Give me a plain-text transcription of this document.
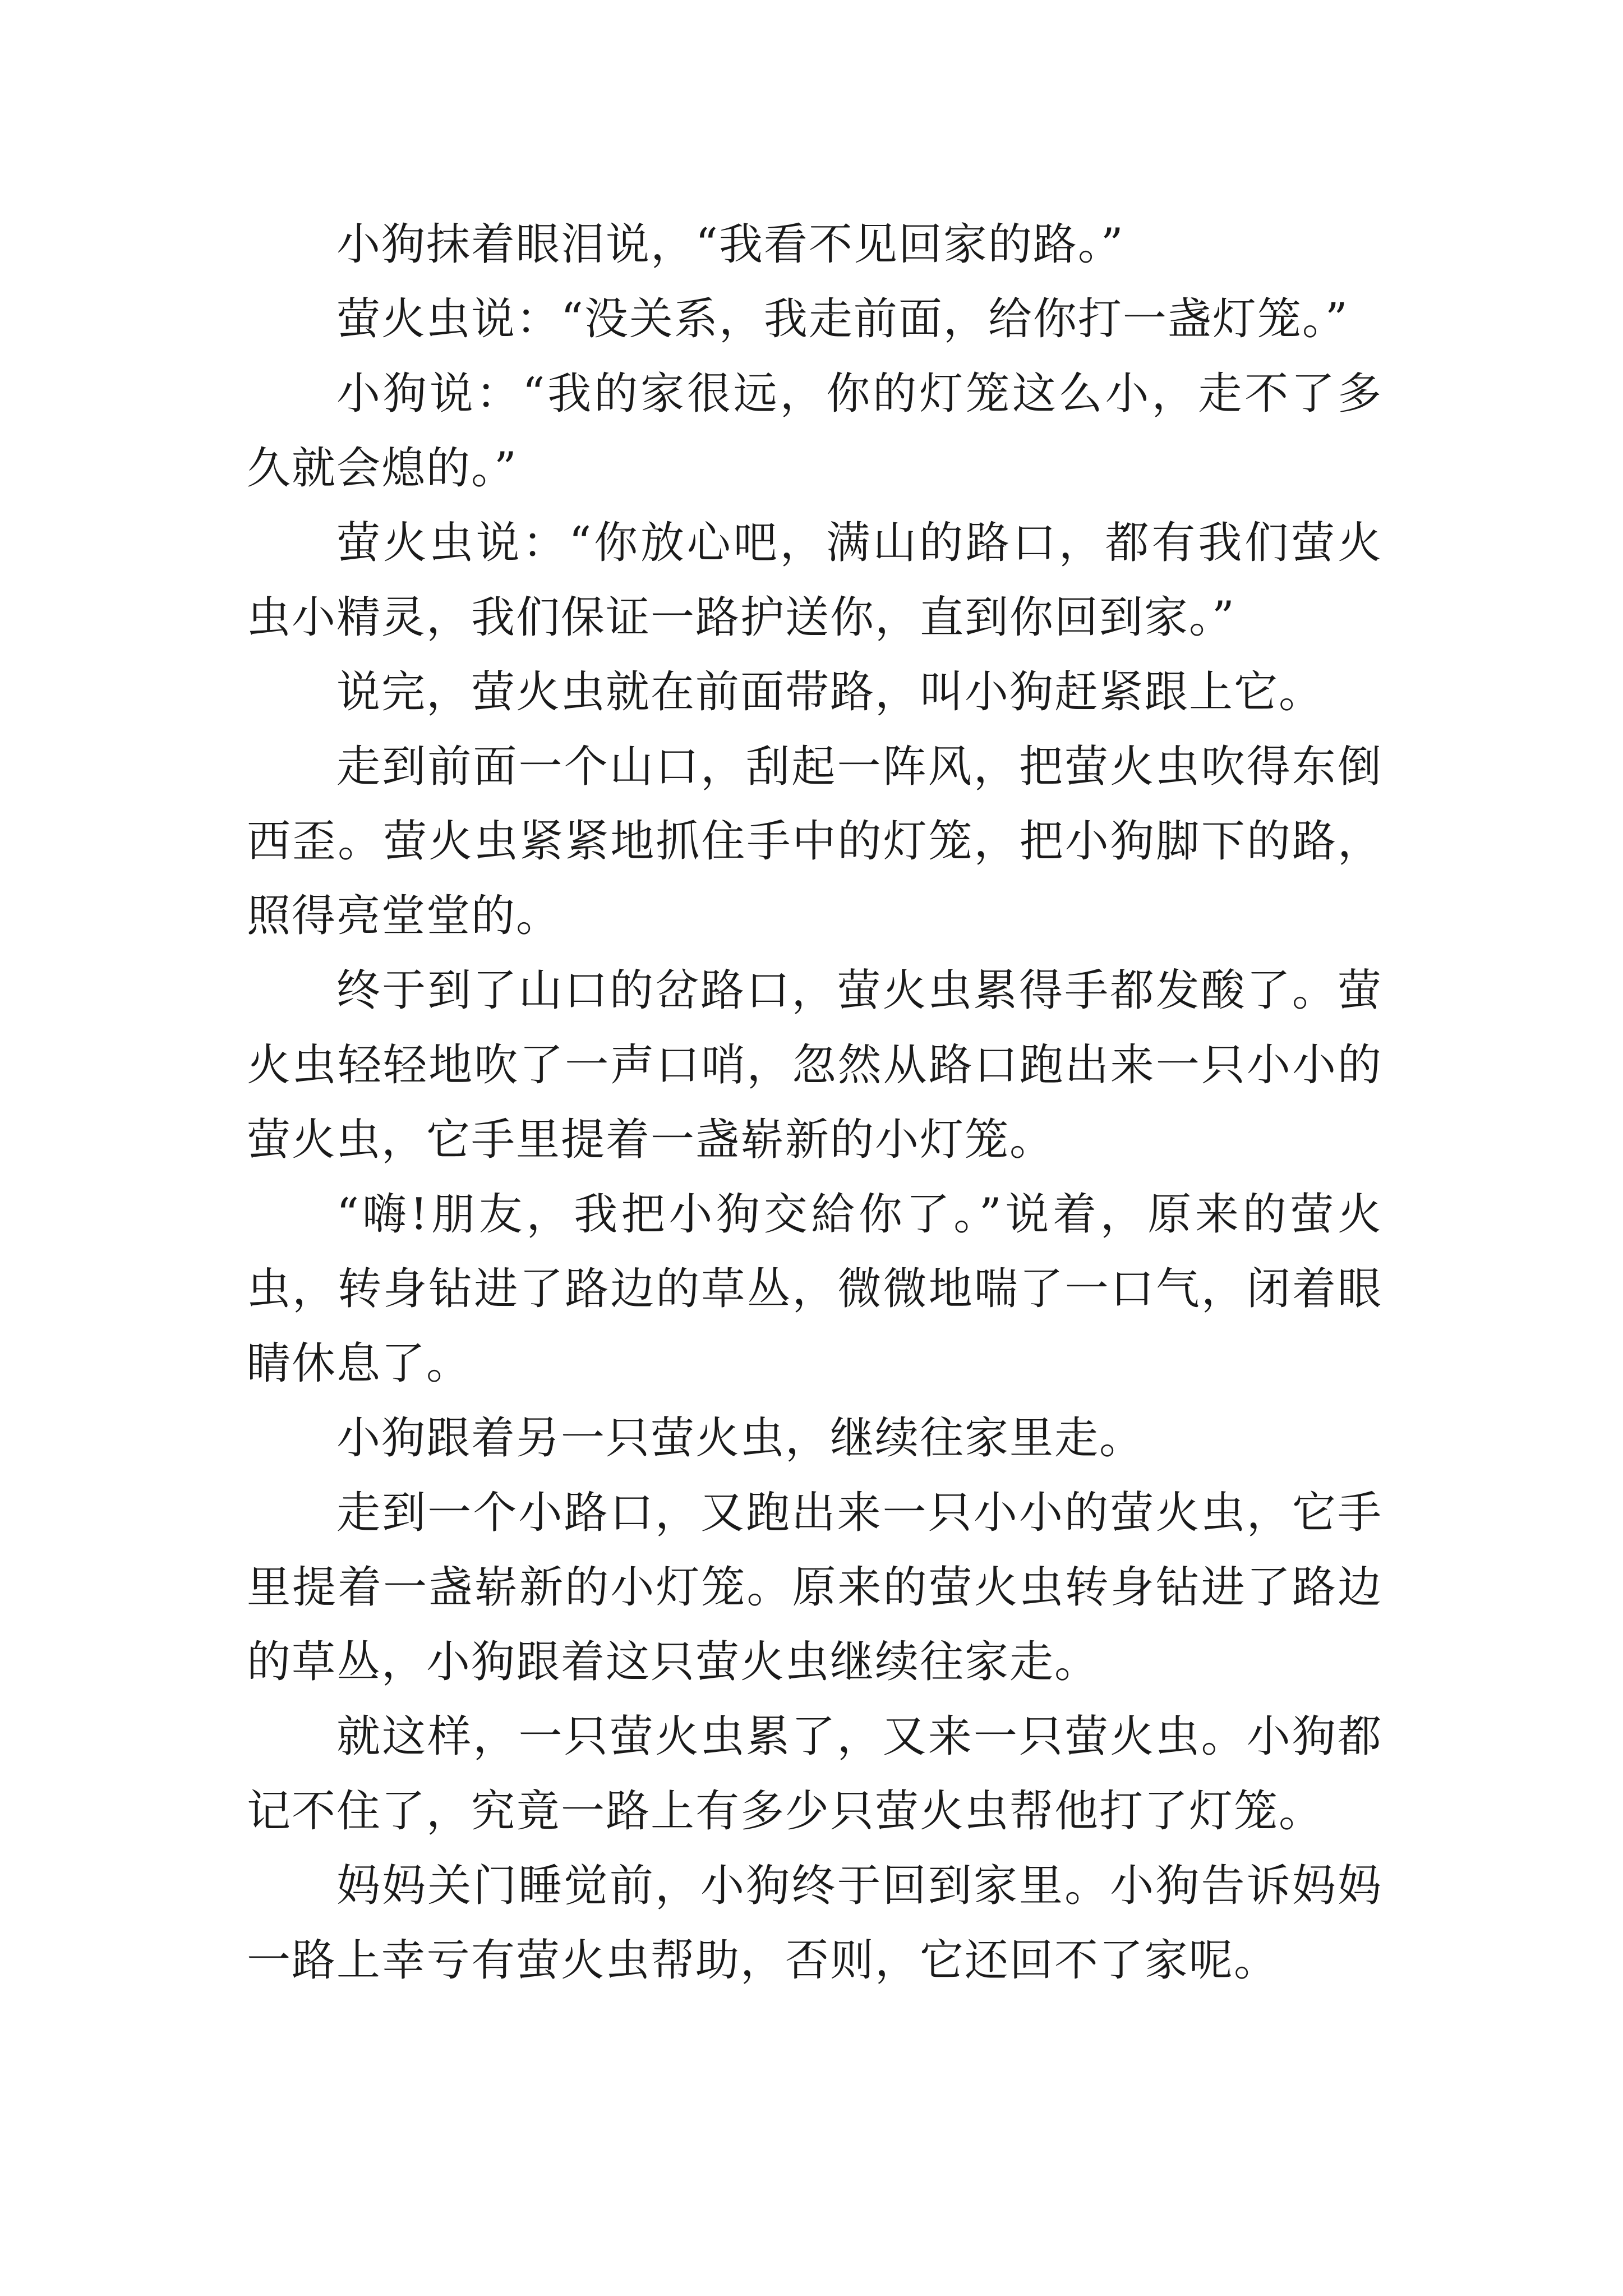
小狗抹着眼泪说，“我看不见回家的路。”

萤火虫说：“没关系，我走前面，给你打一盏灯笼。”

小狗说：“我的家很远，你的灯笼这么小，走不了多久就会熄的。”

萤火虫说：“你放心吧，满山的路口，都有我们萤火虫小精灵，我们保证一路护送你，直到你回到家。”

说完，萤火虫就在前面带路，叫小狗赶紧跟上它。

走到前面一个山口，刮起一阵风，把萤火虫吹得东倒西歪。萤火虫紧紧地抓住手中的灯笼，把小狗脚下的路，照得亮堂堂的。

终于到了山口的岔路口，萤火虫累得手都发酸了。萤火虫轻轻地吹了一声口哨，忽然从路口跑出来一只小小的萤火虫，它手里提着一盏崭新的小灯笼。

“嗨!朋友，我把小狗交給你了。”说着，原来的萤火虫，转身钻进了路边的草丛，微微地喘了一口气，闭着眼睛休息了。

小狗跟着另一只萤火虫，继续往家里走。

走到一个小路口，又跑出来一只小小的萤火虫，它手里提着一盏崭新的小灯笼。原来的萤火虫转身钻进了路边的草丛，小狗跟着这只萤火虫继续往家走。

就这样，一只萤火虫累了，又来一只萤火虫。小狗都记不住了，究竟一路上有多少只萤火虫帮他打了灯笼。

妈妈关门睡觉前，小狗终于回到家里。小狗告诉妈妈一路上幸亏有萤火虫帮助，否则，它还回不了家呢。
